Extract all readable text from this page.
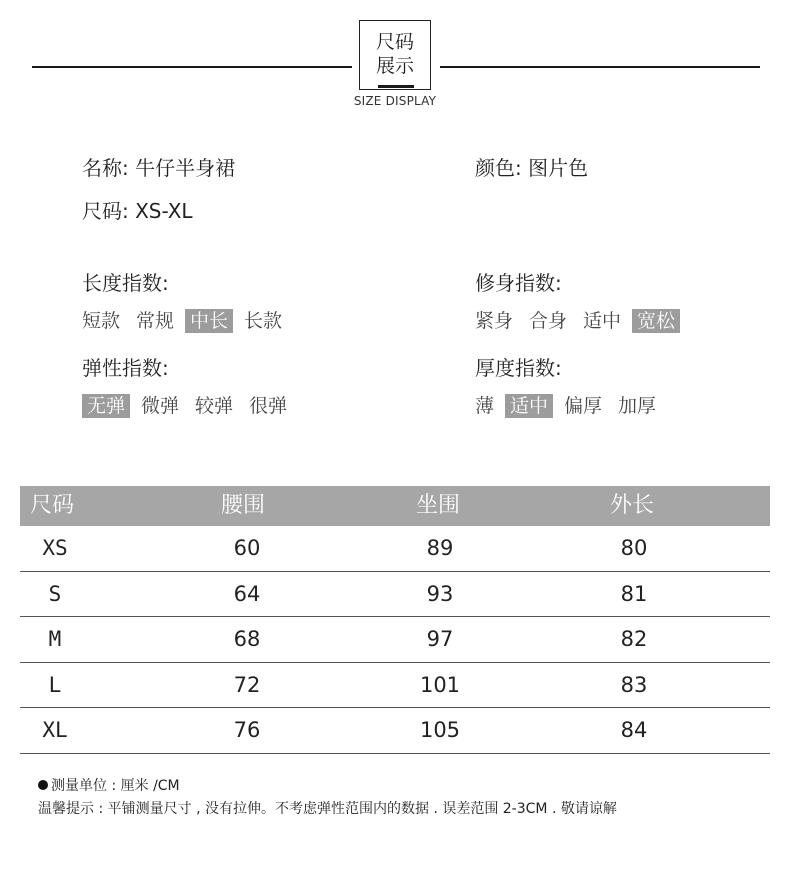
尺码
展示
SIZE DISPLAY
名称: 牛仔半身裙	颜色: 图片色
尺码: XS-XL
长度指数:
短款 常规 中长 长款
修身指数:
紧身 合身 适中 宽松
弹性指数:
无弹 微弹 较弹 很弹
厚度指数:
薄 适中 偏厚 加厚
尺码	腰围	坐围	外长
XS	60	89	80
S	64	93	81
M	68	97	82
L	72	101	83
XL	76	105	84
测量单位 : 厘米 /CM
温馨提示 : 平铺测量尺寸 , 没有拉伸。不考虑弹性范围内的数据 . 误差范围 2-3CM . 敬请谅解
